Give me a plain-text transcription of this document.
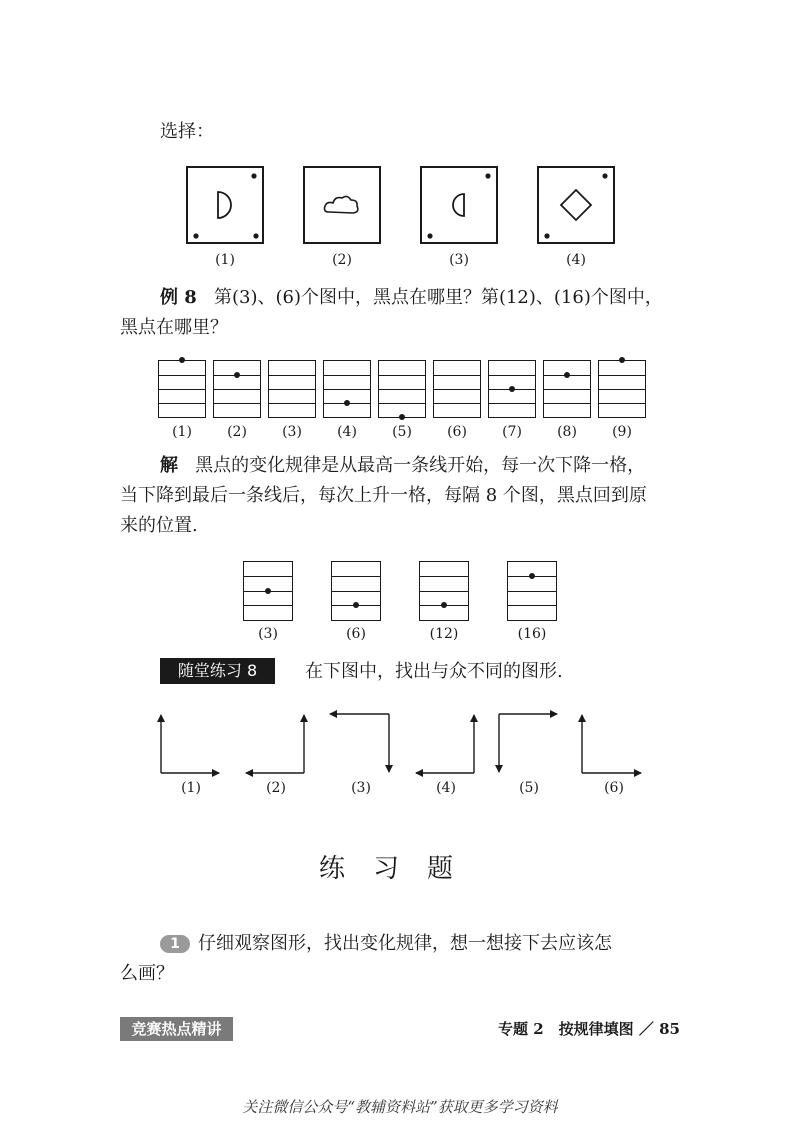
选择：
(1)	(2)	(3)	(4)
例 8 第(3)、(6)个图中，黑点在哪里？第(12)、(16)个图中，
黑点在哪里？
(1)	(2)	(3)	(4)	(5)	(6)	(7)	(8)	(9)
解 黑点的变化规律是从最高一条线开始，每一次下降一格，
当下降到最后一条线后，每次上升一格，每隔 8 个图，黑点回到原
来的位置.
(3)	(6)	(12)	(16)
随堂练习 8	在下图中，找出与众不同的图形.
(1)	(2)	(3)	(4)	(5)	(6)
练习题
1	仔细观察图形，找出变化规律，想一想接下去应该怎
么画？
竞赛热点精讲	专题 2　按规律填图 ／ 85
关注微信公众号“教辅资料站”获取更多学习资料
